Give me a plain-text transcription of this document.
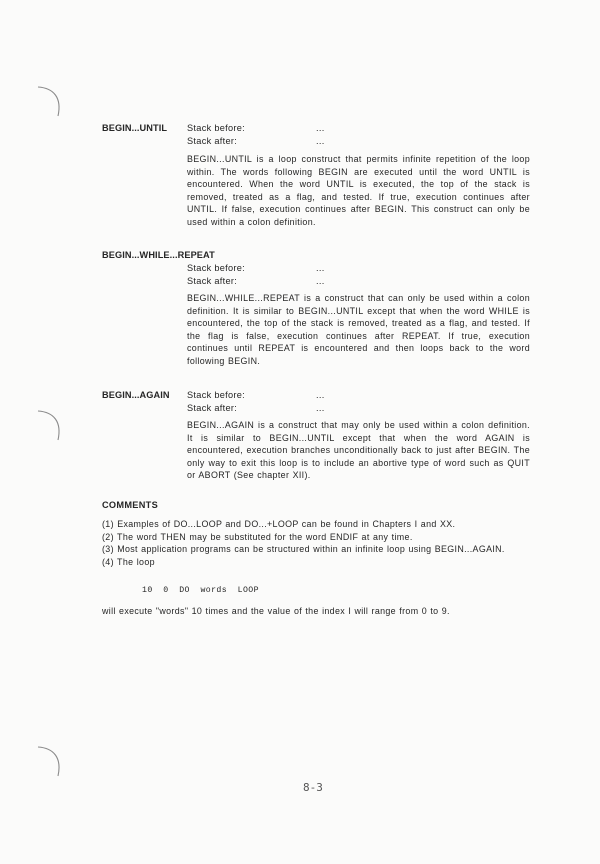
BEGIN...UNTIL Stack before:	...
Stack after:	...
BEGIN...UNTIL is a loop construct that permits infinite repetition of the loop within. The words following BEGIN are executed until the word UNTIL is encountered. When the word UNTIL is executed, the top of the stack is removed, treated as a flag, and tested. If true, execution continues after UNTIL. If false, execution continues after BEGIN. This construct can only be used within a colon definition.
BEGIN...WHILE...REPEAT
Stack before:	...
Stack after:	...
BEGIN...WHILE...REPEAT is a construct that can only be used within a colon definition. It is similar to BEGIN...UNTIL except that when the word WHILE is encountered, the top of the stack is removed, treated as a flag, and tested. If the flag is false, execution continues after REPEAT. If true, execution continues until REPEAT is encountered and then loops back to the word following BEGIN.
BEGIN...AGAIN Stack before:	...
Stack after:	...
BEGIN...AGAIN is a construct that may only be used within a colon definition. It is similar to BEGIN...UNTIL except that when the word AGAIN is encountered, execution branches unconditionally back to just after BEGIN. The only way to exit this loop is to include an abortive type of word such as QUIT or ABORT (See chapter XII).
COMMENTS
(1) Examples of DO...LOOP and DO...+LOOP can be found in Chapters I and XX.
(2) The word THEN may be substituted for the word ENDIF at any time.
(3) Most application programs can be structured within an infinite loop using BEGIN...AGAIN.
(4) The loop
10  0  DO  words  LOOP
will execute "words" 10 times and the value of the index I will range from 0 to 9.
8-3
